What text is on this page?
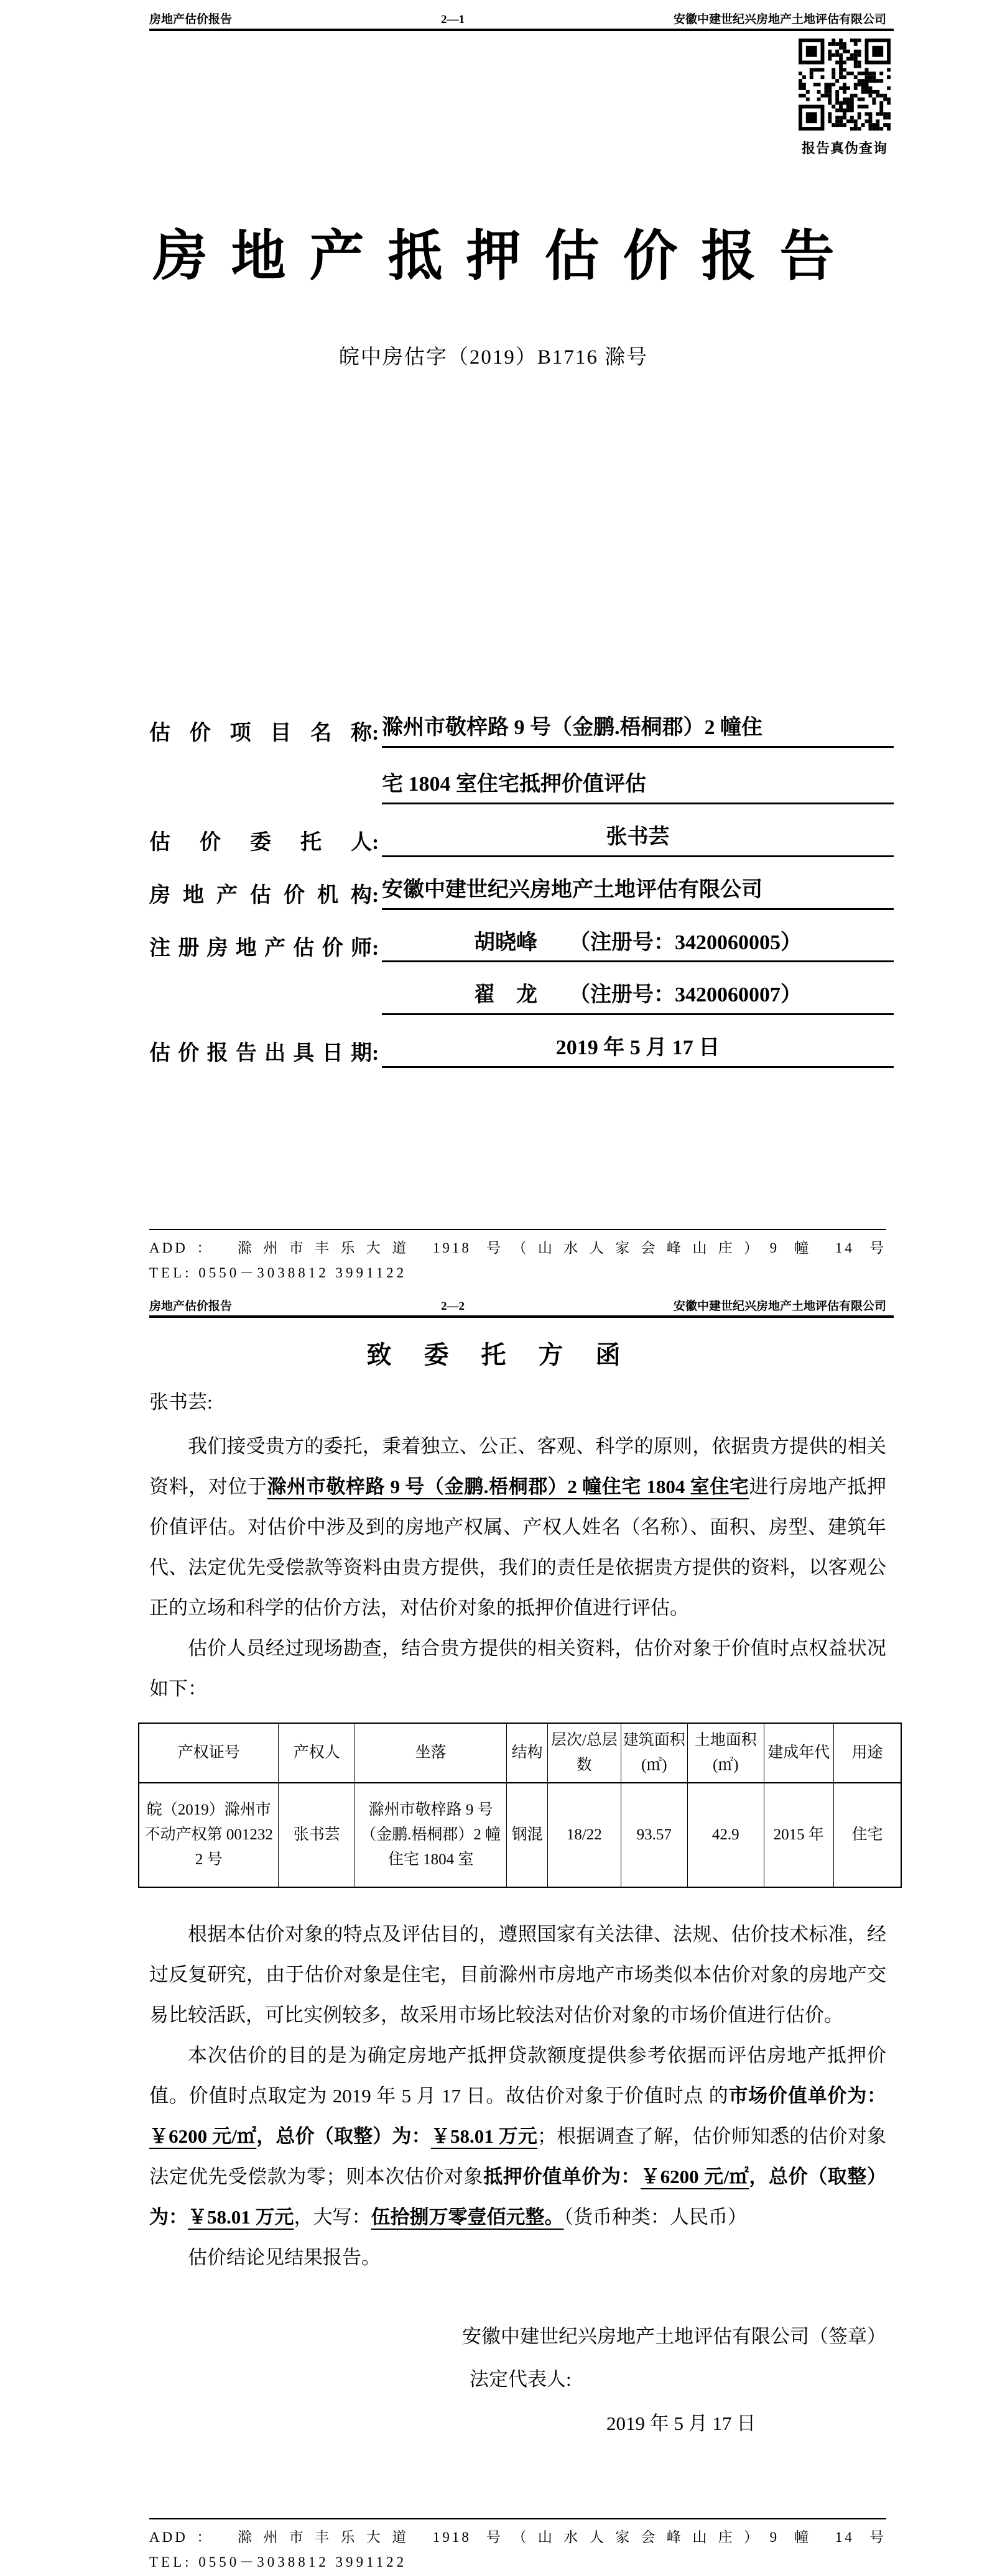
房地产估价报告	2—1	安徽中建世纪兴房地产土地评估有限公司
报告真伪查询
房地产抵押估价报告
皖中房估字（2019）B1716 滁号
估价项目名称 : 滁州市敬梓路 9 号（金鹏.梧桐郡）2 幢住
宅 1804 室住宅抵押价值评估
估价委托人 :	张书芸
房地产估价机构 : 安徽中建世纪兴房地产土地评估有限公司
注册房地产估价师 :	胡晓峰　　（注册号：3420060005）
翟　龙　　（注册号：3420060007）
估价报告出具日期 :	2019 年 5 月 17 日
ADD： 滁州市丰乐大道 1918 号（山水人家会峰山庄）9 幢 14 号
TEL: 0550－3038812 3991122
房地产估价报告	2—2	安徽中建世纪兴房地产土地评估有限公司
致委托方函
张书芸:

我们接受贵方的委托，秉着独立、公正、客观、科学的原则，依据贵方提供的相关资料，对位于滁州市敬梓路 9 号（金鹏.梧桐郡）2 幢住宅 1804 室住宅进行房地产抵押价值评估。对估价中涉及到的房地产权属、产权人姓名（名称）、面积、房型、建筑年代、法定优先受偿款等资料由贵方提供，我们的责任是依据贵方提供的资料，以客观公正的立场和科学的估价方法，对估价对象的抵押价值进行评估。

估价人员经过现场勘查，结合贵方提供的相关资料，估价对象于价值时点权益状况如下：

产权证号	产权人	坐落	结构	层次/总层数	建筑面积(㎡)	土地面积(㎡)	建成年代	用途
皖（2019）滁州市不动产权第 0012322 号	张书芸	滁州市敬梓路 9 号（金鹏.梧桐郡）2 幢住宅 1804 室	钢混	18/22	93.57	42.9	2015 年	住宅

根据本估价对象的特点及评估目的，遵照国家有关法律、法规、估价技术标准，经过反复研究，由于估价对象是住宅，目前滁州市房地产市场类似本估价对象的房地产交易比较活跃，可比实例较多，故采用市场比较法对估价对象的市场价值进行估价。

本次估价的目的是为确定房地产抵押贷款额度提供参考依据而评估房地产抵押价值。价值时点取定为 2019 年 5 月 17 日。故估价对象于价值时点 的市场价值单价为：￥6200 元/㎡，总价（取整）为：￥58.01 万元；根据调查了解，估价师知悉的估价对象法定优先受偿款为零；则本次估价对象抵押价值单价为：￥6200 元/㎡，总价（取整）为：￥58.01 万元，大写：伍拾捌万零壹佰元整。（货币种类：人民币）

估价结论见结果报告。

安徽中建世纪兴房地产土地评估有限公司（签章）
法定代表人:
2019 年 5 月 17 日
ADD： 滁州市丰乐大道 1918 号（山水人家会峰山庄）9 幢 14 号
TEL: 0550－3038812 3991122
